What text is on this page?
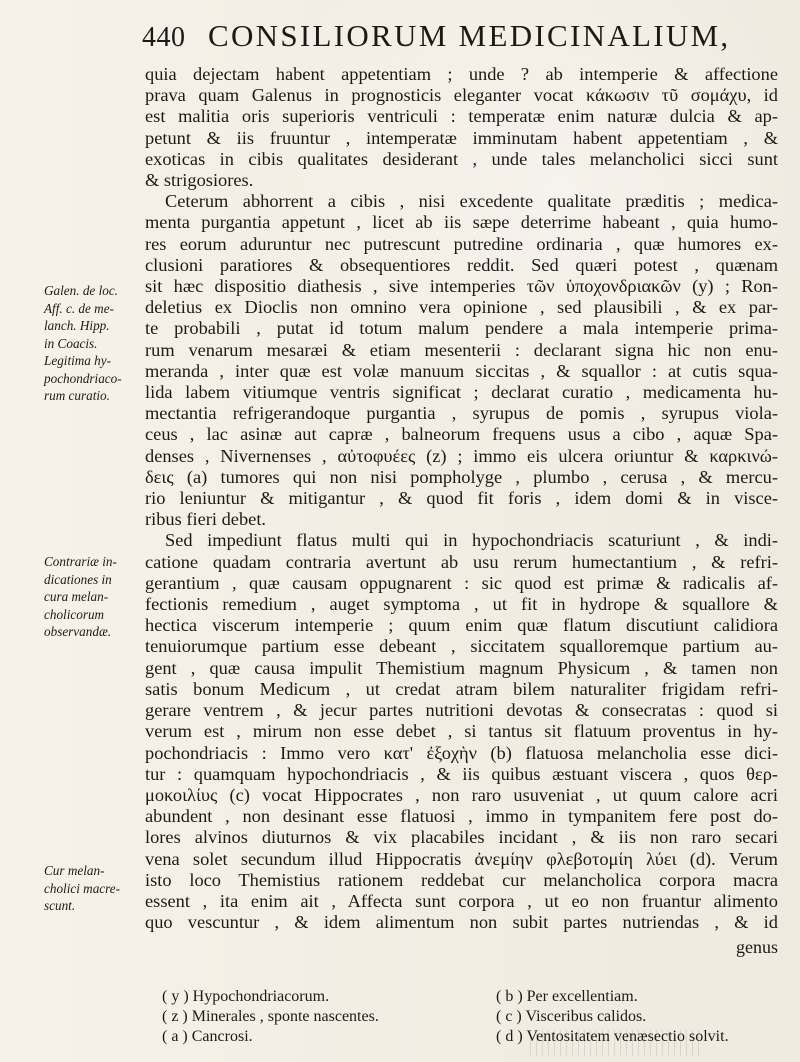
440 CONSILIORUM MEDICINALIUM,
Galen. de loc.
Aff. c. de me-
lanch. Hipp.
in Coacis.
Legitima hy-
pochondriaco-
rum curatio.
Contrariæ in-
dicationes in
cura melan-
cholicorum
observandæ.
Cur melan-
cholici macre-
scunt.
quia dejectam habent appetentiam ; unde ? ab intemperie & affectione
prava quam Galenus in prognosticis eleganter vocat κάκωσιν τῦ σομάχυ, id
est malitia oris superioris ventriculi : temperatæ enim naturæ dulcia & ap-
petunt & iis fruuntur , intemperatæ imminutam habent appetentiam , &
exoticas in cibis qualitates desiderant , unde tales melancholici sicci sunt
& strigosiores.
Ceterum abhorrent a cibis , nisi excedente qualitate præditis ; medica-
menta purgantia appetunt , licet ab iis sæpe deterrime habeant , quia humo-
res eorum aduruntur nec putrescunt putredine ordinaria , quæ humores ex-
clusioni paratiores & obsequentiores reddit. Sed quæri potest , quænam
sit hæc dispositio diathesis , sive intemperies τῶν ὑποχονδριακῶν (y) ; Ron-
deletius ex Dioclis non omnino vera opinione , sed plausibili , & ex par-
te probabili , putat id totum malum pendere a mala intemperie prima-
rum venarum mesaræi & etiam mesenterii : declarant signa hic non enu-
meranda , inter quæ est volæ manuum siccitas , & squallor : at cutis squa-
lida labem vitiumque ventris significat ; declarat curatio , medicamenta hu-
mectantia refrigerandoque purgantia , syrupus de pomis , syrupus viola-
ceus , lac asinæ aut capræ , balneorum frequens usus a cibo , aquæ Spa-
denses , Nivernenses , αὐτοφυέες (z) ; immo eis ulcera oriuntur & καρκινώ-
δεις (a) tumores qui non nisi pompholyge , plumbo , cerusa , & mercu-
rio leniuntur & mitigantur , & quod fit foris , idem domi & in visce-
ribus fieri debet.
Sed impediunt flatus multi qui in hypochondriacis scaturiunt , & indi-
catione quadam contraria avertunt ab usu rerum humectantium , & refri-
gerantium , quæ causam oppugnarent : sic quod est primæ & radicalis af-
fectionis remedium , auget symptoma , ut fit in hydrope & squallore &
hectica viscerum intemperie ; quum enim quæ flatum discutiunt calidiora
tenuiorumque partium esse debeant , siccitatem squalloremque partium au-
gent , quæ causa impulit Themistium magnum Physicum , & tamen non
satis bonum Medicum , ut credat atram bilem naturaliter frigidam refri-
gerare ventrem , & jecur partes nutritioni devotas & consecratas : quod si
verum est , mirum non esse debet , si tantus sit flatuum proventus in hy-
pochondriacis : Immo vero κατ' ἐξοχὴν (b) flatuosa melancholia esse dici-
tur : quamquam hypochondriacis , & iis quibus æstuant viscera , quos θερ-
μοκοιλίυς (c) vocat Hippocrates , non raro usuveniat , ut quum calore acri
abundent , non desinant esse flatuosi , immo in tympanitem fere post do-
lores alvinos diuturnos & vix placabiles incidant , & iis non raro secari
vena solet secundum illud Hippocratis ἀνεμίην φλεβοτομίη λύει (d). Verum
isto loco Themistius rationem reddebat cur melancholica corpora macra
essent , ita enim ait , Affecta sunt corpora , ut eo non fruantur alimento
quo vescuntur , & idem alimentum non subit partes nutriendas , & id
genus
( y ) Hypochondriacorum.
( z ) Minerales , sponte nascentes.
( a ) Cancrosi.
( b ) Per excellentiam.
( c ) Visceribus calidos.
( d ) Ventositatem venæsectio solvit.
